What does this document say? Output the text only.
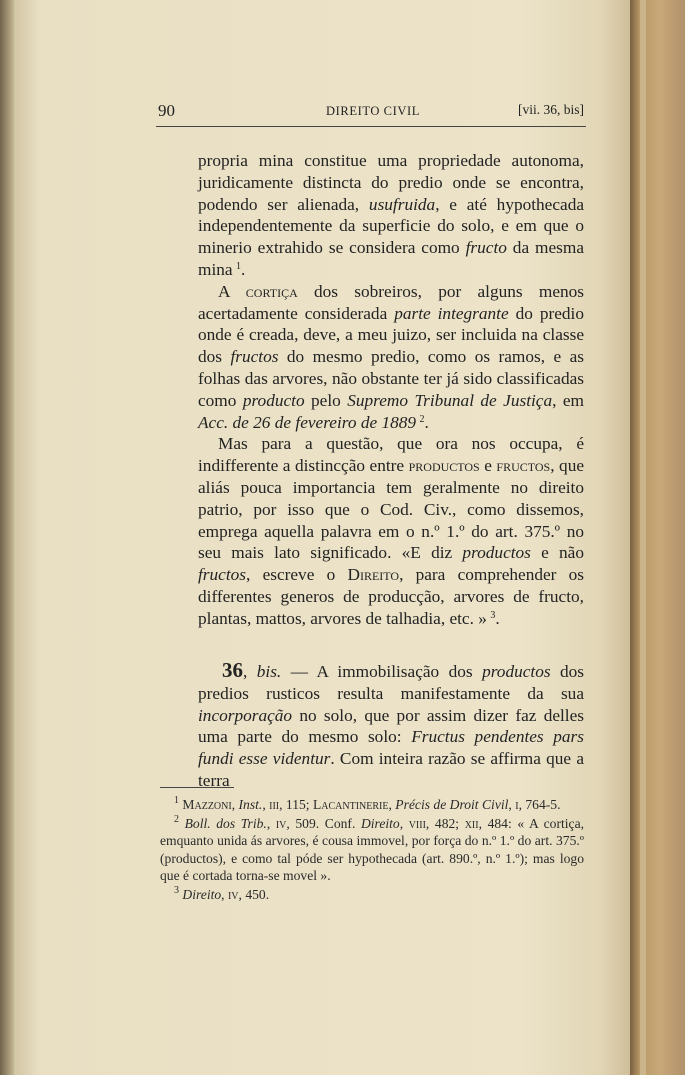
90	DIREITO CIVIL	[vii. 36, bis]

propria mina constitue uma propriedade autonoma, juridicamente distincta do predio onde se encontra, podendo ser alienada, usufruida, e até hypothecada independentemente da superficie do solo, e em que o minerio extrahido se considera como fructo da mesma mina  $^1$.

A cortiça dos sobreiros, por alguns menos acertadamente considerada parte integrante do predio onde é creada, deve, a meu juizo, ser incluida na classe dos fructos do mesmo predio, como os ramos, e as folhas das arvores, não obstante ter já sido classificadas como producto pelo Supremo Tribunal de Justiça, em Acc. de 26 de fevereiro de 1889  $^2$.

Mas para a questão, que ora nos occupa, é indifferente a distincção entre productos e fructos, que aliás pouca importancia tem geralmente no direito patrio, por isso que o Cod. Civ., como dissemos, emprega aquella palavra em o n.º 1.º do art. 375.º no seu mais lato significado. «E diz productos e não fructos, escreve o Direito, para comprehender os differentes generos de producção, arvores de fructo, plantas, mattos, arvores de talhadia, etc. »  $^3$.

36, bis. — A immobilisação dos productos dos predios rusticos resulta manifestamente da sua incorporação no solo, que por assim dizer faz delles uma parte do mesmo solo: Fructus pendentes pars fundi esse videntur. Com inteira razão se affirma que a terra

$^1$ Mazzoni, Inst., iii, 115; Lacantinerie, Précis de Droit Civil, i, 764-5.

$^2$ Boll. dos Trib., iv, 509. Conf. Direito, viii, 482; xii, 484: « A cortiça, emquanto unida ás arvores, é cousa immovel, por força do n.º 1.º do art. 375.º (productos), e como tal póde ser hypothecada (art. 890.º, n.º 1.º); mas logo que é cortada torna-se movel ».

$^3$ Direito, iv, 450.
